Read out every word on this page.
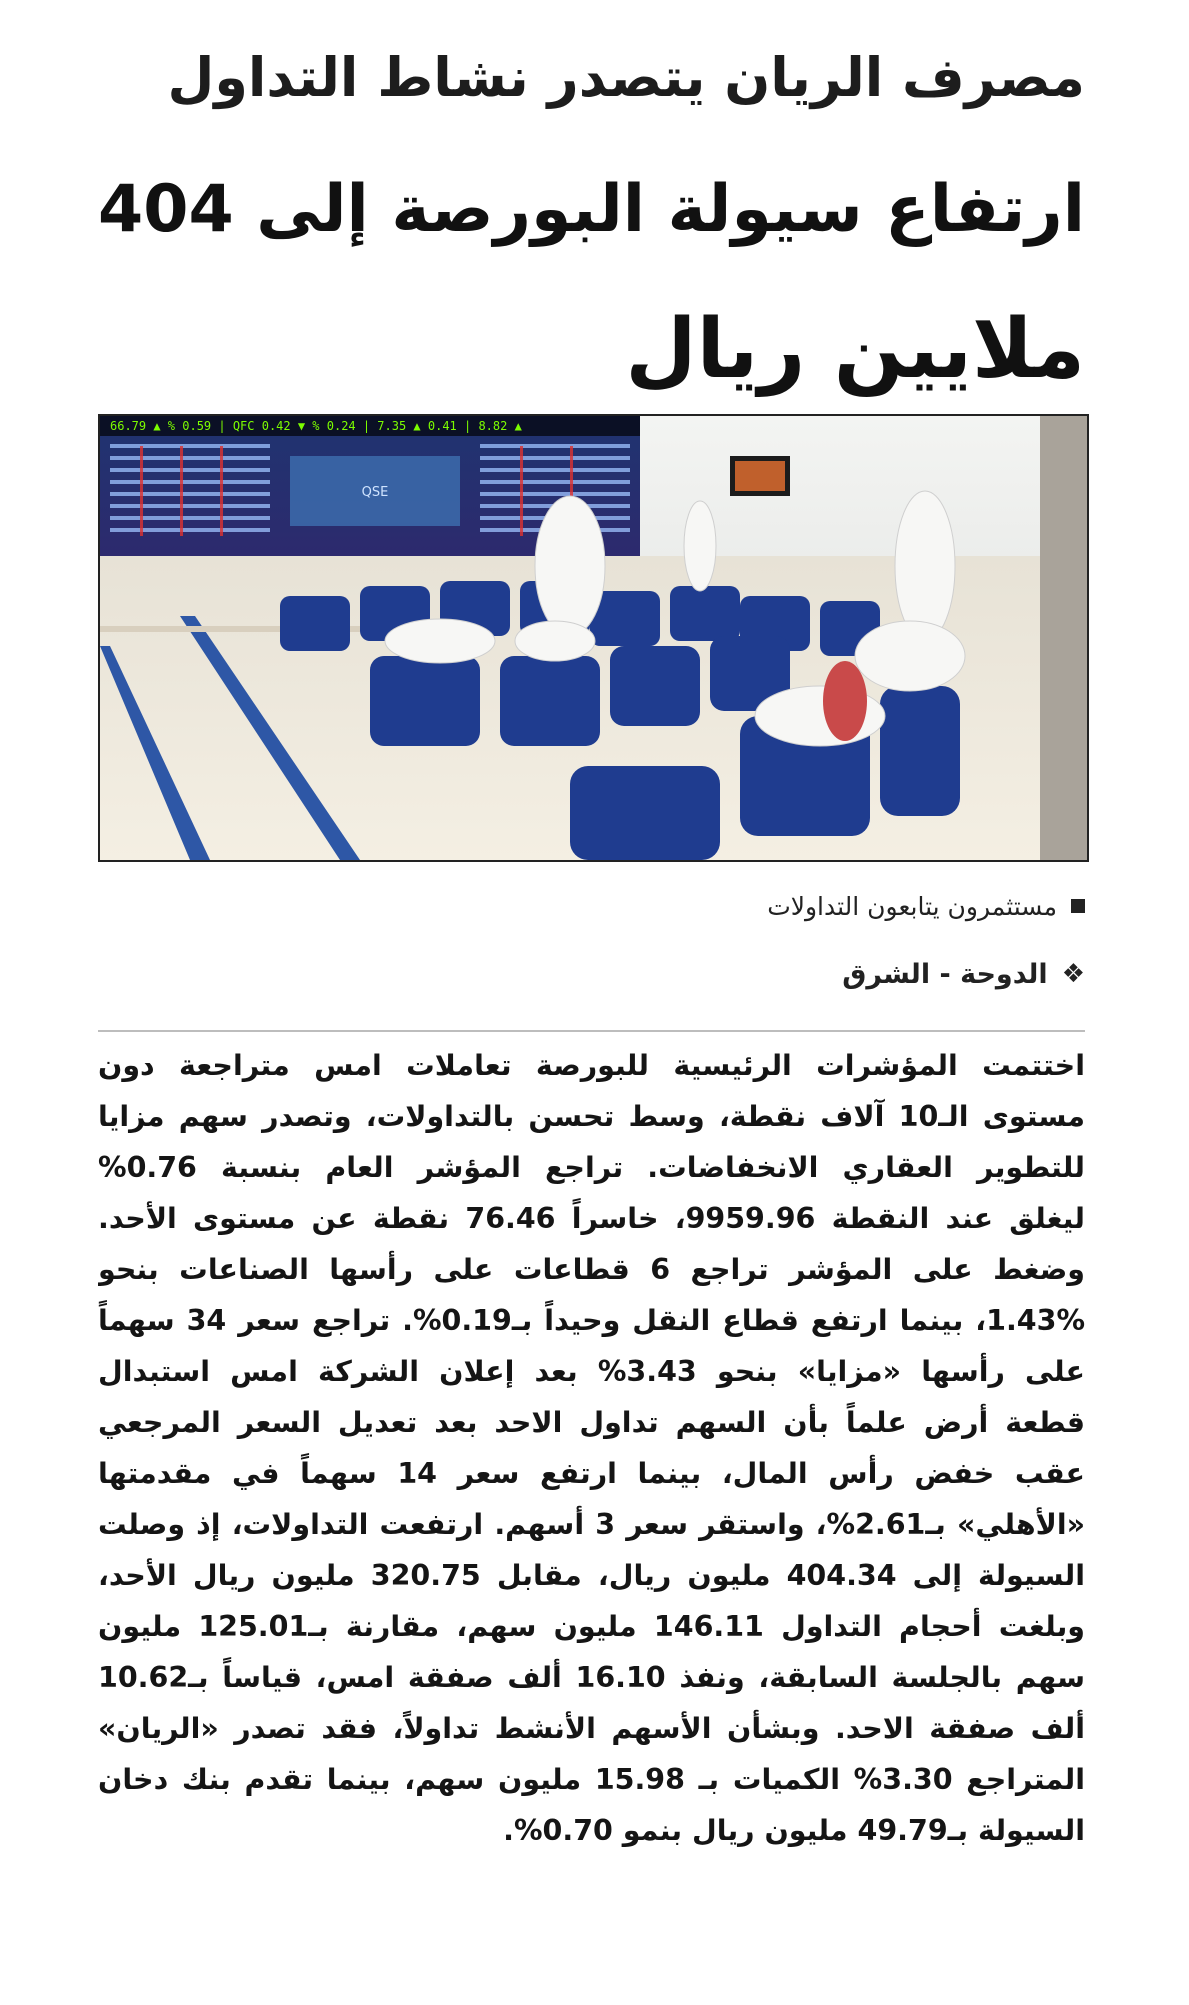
مصرف الريان يتصدر نشاط التداول
ارتفاع سيولة البورصة إلى 404
ملايين ريال
66.79 ▲ % 0.59 | QFC 0.42 ▼ % 0.24 | 7.35 ▲ 0.41 | 8.82 ▲
QSE
مستثمرون يتابعون التداولات
❖
الدوحة - الشرق
اختتمت المؤشرات الرئيسية للبورصة تعاملات امس متراجعة دون
مستوى الـ10 آلاف نقطة، وسط تحسن بالتداولات، وتصدر سهم مزايا
للتطوير العقاري الانخفاضات. تراجع المؤشر العام بنسبة 0.76%
ليغلق عند النقطة 9959.96، خاسراً 76.46 نقطة عن مستوى الأحد.
وضغط على المؤشر تراجع 6 قطاعات على رأسها الصناعات بنحو
1.43%، بينما ارتفع قطاع النقل وحيداً بـ0.19%. تراجع سعر 34 سهماً
على رأسها «مزايا» بنحو 3.43% بعد إعلان الشركة امس استبدال
قطعة أرض علماً بأن السهم تداول الاحد بعد تعديل السعر المرجعي
عقب خفض رأس المال، بينما ارتفع سعر 14 سهماً في مقدمتها
«الأهلي» بـ2.61%، واستقر سعر 3 أسهم. ارتفعت التداولات، إذ وصلت
السيولة إلى 404.34 مليون ريال، مقابل 320.75 مليون ريال الأحد،
وبلغت أحجام التداول 146.11 مليون سهم، مقارنة بـ125.01 مليون
سهم بالجلسة السابقة، ونفذ 16.10 ألف صفقة امس، قياساً بـ10.62
ألف صفقة الاحد. وبشأن الأسهم الأنشط تداولاً، فقد تصدر «الريان»
المتراجع 3.30% الكميات بـ 15.98 مليون سهم، بينما تقدم بنك دخان
السيولة بـ49.79 مليون ريال بنمو 0.70%.
